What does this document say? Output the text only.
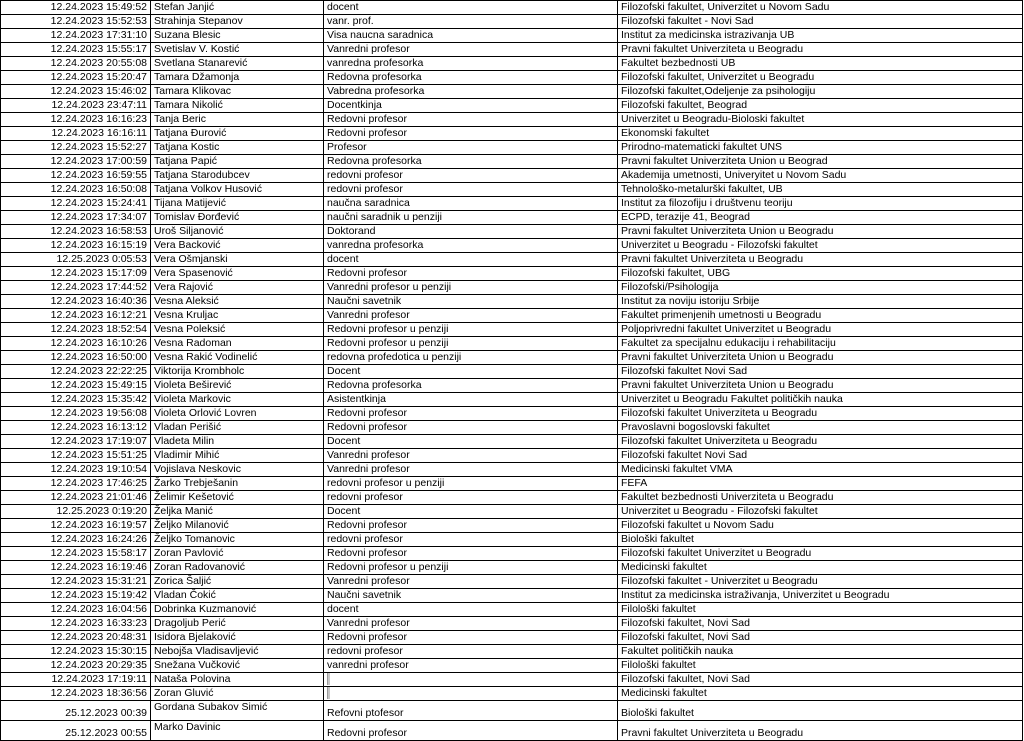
12.24.2023 15:49:52	Stefan Janjić	docent	Filozofski fakultet, Univerzitet u Novom Sadu
12.24.2023 15:52:53	Strahinja Stepanov	vanr. prof.	Filozofski fakultet - Novi Sad
12.24.2023 17:31:10	Suzana Blesic	Visa naucna saradnica	Institut za medicinska istrazivanja UB
12.24.2023 15:55:17	Svetislav V. Kostić	Vanredni profesor	Pravni fakultet Univerziteta u Beogradu
12.24.2023 20:55:08	Svetlana Stanarević	vanredna profesorka	Fakultet bezbednosti UB
12.24.2023 15:20:47	Tamara Džamonja	Redovna profesorka	Filozofski fakultet, Univerzitet u Beogradu
12.24.2023 15:46:02	Tamara Klikovac	Vabredna profesorka	Filozofski fakultet,Odeljenje za psihologiju
12.24.2023 23:47:11	Tamara Nikolić	Docentkinja	Filozofski fakultet, Beograd
12.24.2023 16:16:23	Tanja Beric	Redovni profesor	Univerzitet u Beogradu-Bioloski fakultet
12.24.2023 16:16:11	Tatjana Đurović	Redovni profesor	Ekonomski fakultet
12.24.2023 15:52:27	Tatjana Kostic	Profesor	Prirodno-matematicki fakultet UNS
12.24.2023 17:00:59	Tatjana Papić	Redovna profesorka	Pravni fakultet Univerziteta Union u Beograd
12.24.2023 16:59:55	Tatjana Starodubcev	redovni profesor	Akademija umetnosti, Univeryitet u Novom Sadu
12.24.2023 16:50:08	Tatjana Volkov Husović	redovni profesor	Tehnološko-metalurški fakultet, UB
12.24.2023 15:24:41	Tijana Matijević	naučna saradnica	Institut za filozofiju i društvenu teoriju
12.24.2023 17:34:07	Tomislav Đorđević	naučni saradnik u penziji	ECPD, terazije 41, Beograd
12.24.2023 16:58:53	Uroš Siljanović	Doktorand	Pravni fakultet Univerziteta Union u Beogradu
12.24.2023 16:15:19	Vera Backović	vanredna profesorka	Univerzitet u Beogradu - Filozofski fakultet
12.25.2023 0:05:53	Vera Ošmjanski	docent	Pravni fakultet Univerziteta u Beogradu
12.24.2023 15:17:09	Vera Spasenović	Redovni profesor	Filozofski fakultet, UBG
12.24.2023 17:44:52	Vera Rajović	Vanredni profesor u penziji	Filozofski/Psihologija
12.24.2023 16:40:36	Vesna Aleksić	Naučni savetnik	Institut za noviju istoriju Srbije
12.24.2023 16:12:21	Vesna Kruljac	Vanredni profesor	Fakultet primenjenih umetnosti u Beogradu
12.24.2023 18:52:54	Vesna Poleksić	Redovni profesor u penziji	Poljoprivredni fakultet Univerzitet u Beogradu
12.24.2023 16:10:26	Vesna Radoman	Redovni profesor u penziji	Fakultet za specijalnu edukaciju i rehabilitaciju
12.24.2023 16:50:00	Vesna Rakić Vodinelić	redovna profedotica u penziji	Pravni fakultet Univerziteta Union u Beogradu
12.24.2023 22:22:25	Viktorija Krombholc	Docent	Filozofski fakultet Novi Sad
12.24.2023 15:49:15	Violeta Beširević	Redovna profesorka	Pravni fakultet Univerziteta Union u Beogradu
12.24.2023 15:35:42	Violeta Markovic	Asistentkinja	Univerzitet u Beogradu Fakultet političkih nauka
12.24.2023 19:56:08	Violeta Orlović Lovren	Redovni profesor	Filozofski fakultet Univerziteta u Beogradu
12.24.2023 16:13:12	Vladan Perišić	Redovni profesor	Pravoslavni bogoslovski fakultet
12.24.2023 17:19:07	Vladeta Milin	Docent	Filozofski fakultet Univerziteta u Beogradu
12.24.2023 15:51:25	Vladimir Mihić	Vanredni profesor	Filozofski fakultet Novi Sad
12.24.2023 19:10:54	Vojislava Neskovic	Vanredni profesor	Medicinski fakultet VMA
12.24.2023 17:46:25	Žarko Trebješanin	redovni profesor u penziji	FEFA
12.24.2023 21:01:46	Želimir Kešetović	redovni profesor	Fakultet bezbednosti Univerziteta u Beogradu
12.25.2023 0:19:20	Željka Manić	Docent	Univerzitet u Beogradu - Filozofski fakultet
12.24.2023 16:19:57	Željko Milanović	Redovni profesor	Filozofski fakultet u Novom Sadu
12.24.2023 16:24:26	Željko Tomanovic	redovni profesor	Biološki fakultet
12.24.2023 15:58:17	Zoran Pavlović	Redovni profesor	Filozofski fakultet Univerzitet u Beogradu
12.24.2023 16:19:46	Zoran Radovanović	Redovni profesor u penziji	Medicinski fakultet
12.24.2023 15:31:21	Zorica Šaljić	Vanredni profesor	Filozofski fakultet - Univerzitet u Beogradu
12.24.2023 15:19:42	Vladan Čokić	Naučni savetnik	Institut za medicinska istraživanja, Univerzitet u Beogradu
12.24.2023 16:04:56	Dobrinka Kuzmanović	docent	Filološki fakultet
12.24.2023 16:33:23	Dragoljub Perić	Vanredni profesor	Filozofski fakultet, Novi Sad
12.24.2023 20:48:31	Isidora Bjelaković	Redovni profesor	Filozofski fakultet, Novi Sad
12.24.2023 15:30:15	Nebojša Vladisavljević	redovni profesor	Fakultet političkih nauka
12.24.2023 20:29:35	Snežana Vučković	vanredni profesor	Filološki fakultet
12.24.2023 17:19:11	Nataša Polovina		Filozofski fakultet, Novi Sad
12.24.2023 18:36:56	Zoran Gluvić		Medicinski fakultet
25.12.2023 00:39	Gordana Subakov Simić	Refovni ptofesor	Biološki fakultet
25.12.2023 00:55	Marko Davinic	Redovni profesor	Pravni fakultet Univerziteta u Beogradu
